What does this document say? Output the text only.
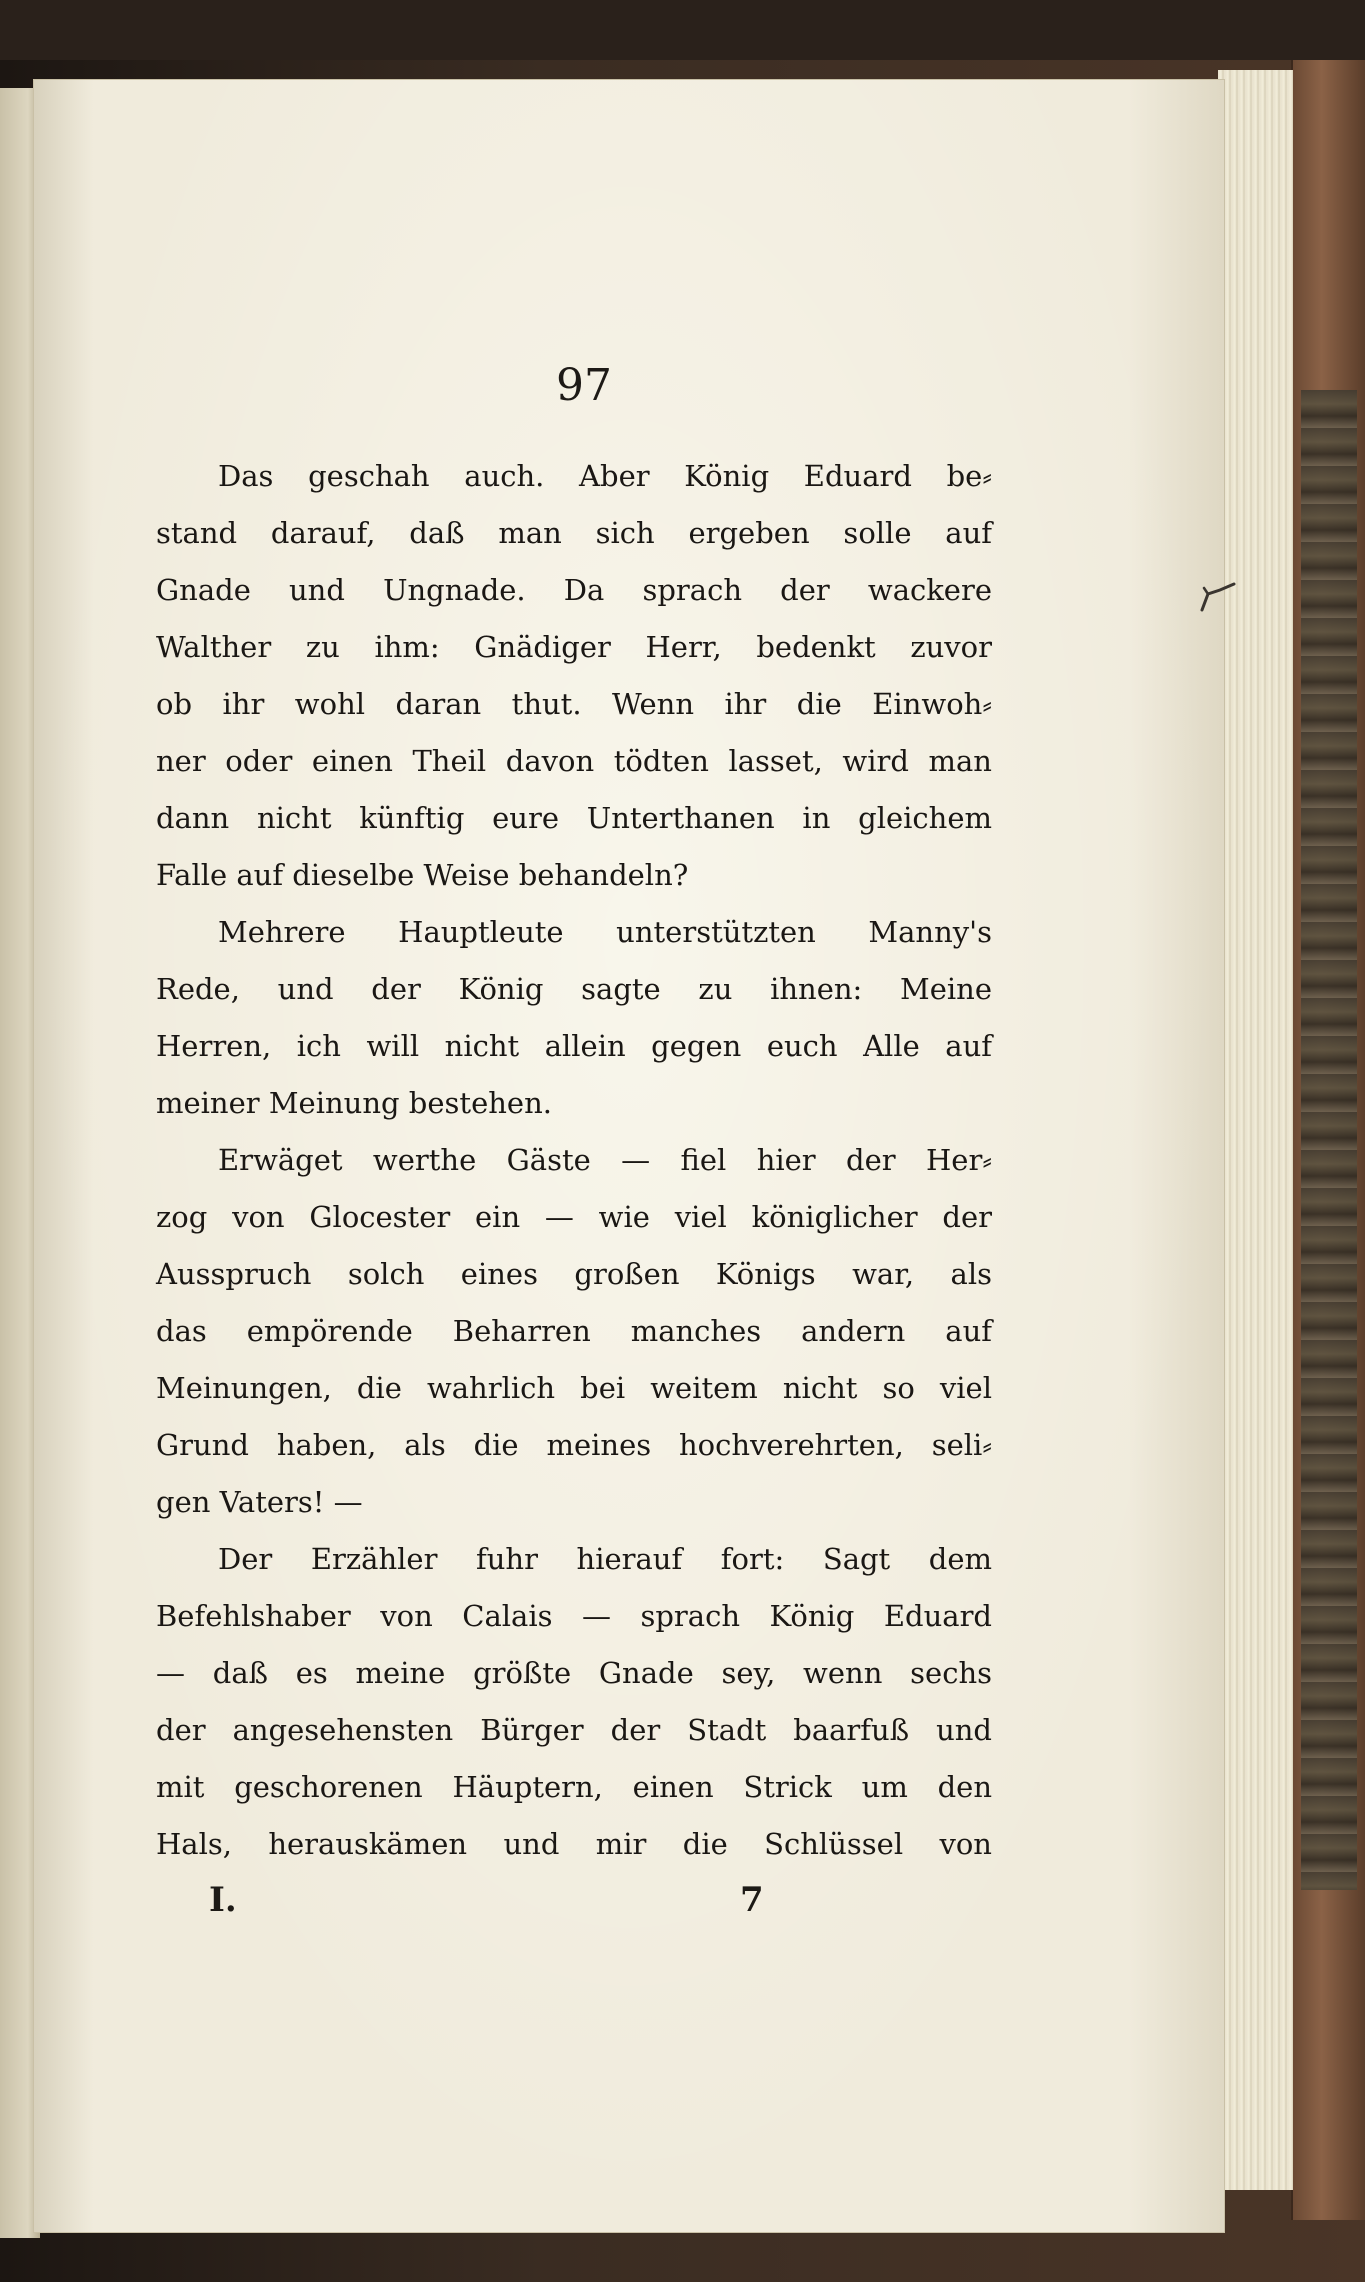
97
Das geschah auch. Aber König Eduard be⸗
stand darauf, daß man sich ergeben solle auf
Gnade und Ungnade. Da sprach der wackere
Walther zu ihm: Gnädiger Herr, bedenkt zuvor
ob ihr wohl daran thut. Wenn ihr die Einwoh⸗
ner oder einen Theil davon tödten lasset, wird man
dann nicht künftig eure Unterthanen in gleichem
Falle auf dieselbe Weise behandeln?
Mehrere Hauptleute unterstützten Manny's
Rede, und der König sagte zu ihnen: Meine
Herren, ich will nicht allein gegen euch Alle auf
meiner Meinung bestehen.
Erwäget werthe Gäste — fiel hier der Her⸗
zog von Glocester ein — wie viel königlicher der
Ausspruch solch eines großen Königs war, als
das empörende Beharren manches andern auf
Meinungen, die wahrlich bei weitem nicht so viel
Grund haben, als die meines hochverehrten, seli⸗
gen Vaters! —
Der Erzähler fuhr hierauf fort: Sagt dem
Befehlshaber von Calais — sprach König Eduard
— daß es meine größte Gnade sey, wenn sechs
der angesehensten Bürger der Stadt baarfuß und
mit geschorenen Häuptern, einen Strick um den
Hals, herauskämen und mir die Schlüssel von
I.	7
